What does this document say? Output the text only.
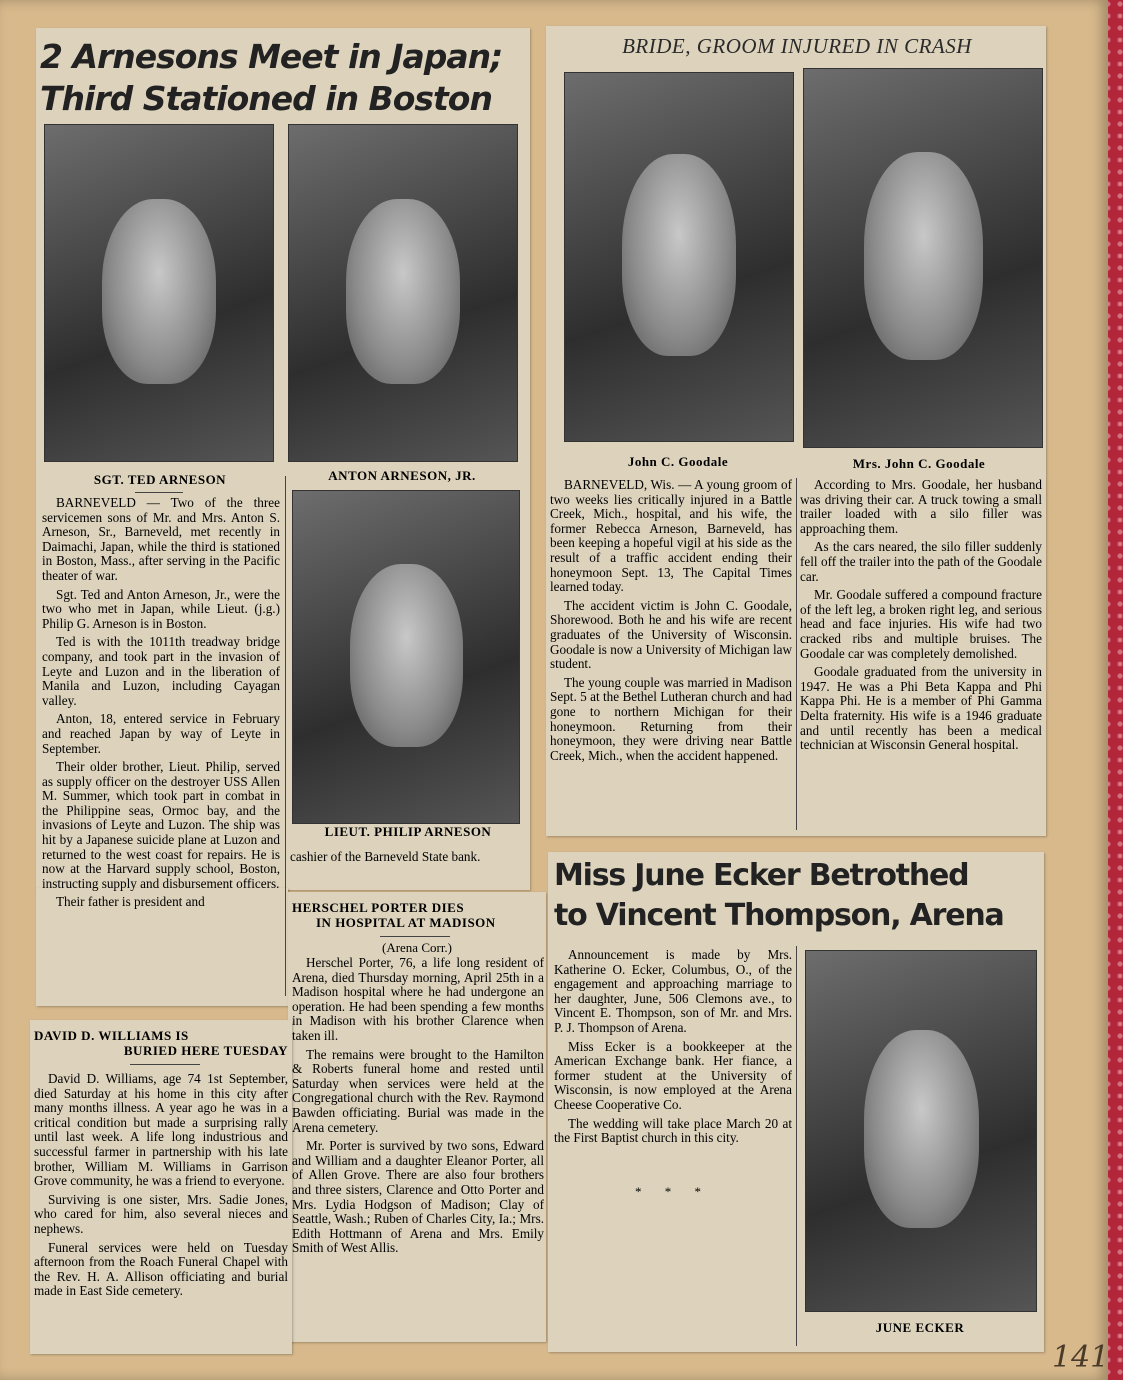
2 Arnesons Meet in Japan;
Third Stationed in Boston
SGT. TED ARNESON	ANTON ARNESON, JR.
LIEUT. PHILIP ARNESON

BARNEVELD — Two of the three servicemen sons of Mr. and Mrs. Anton S. Arneson, Sr., Barneveld, met recently in Daimachi, Japan, while the third is stationed in Boston, Mass., after serving in the Pacific theater of war.

Sgt. Ted and Anton Arneson, Jr., were the two who met in Japan, while Lieut. (j.g.) Philip G. Arneson is in Boston.

Ted is with the 1011th treadway bridge company, and took part in the invasion of Leyte and Luzon and in the liberation of Manila and Luzon, including Cayagan valley.

Anton, 18, entered service in February and reached Japan by way of Leyte in September.

Their older brother, Lieut. Philip, served as supply officer on the destroyer USS Allen M. Summer, which took part in combat in the Philippine seas, Ormoc bay, and the invasions of Leyte and Luzon. The ship was hit by a Japanese suicide plane at Luzon and returned to the west coast for repairs. He is now at the Harvard supply school, Boston, instructing supply and disbursement officers.

Their father is president and

cashier of the Barneveld State bank.

BRIDE, GROOM INJURED IN CRASH
John C. Goodale	Mrs. John C. Goodale

BARNEVELD, Wis. — A young groom of two weeks lies critically injured in a Battle Creek, Mich., hospital, and his wife, the former Rebecca Arneson, Barneveld, has been keeping a hopeful vigil at his side as the result of a traffic accident ending their honeymoon Sept. 13, The Capital Times learned today.

The accident victim is John C. Goodale, Shorewood. Both he and his wife are recent graduates of the University of Wisconsin. Goodale is now a University of Michigan law student.

The young couple was married in Madison Sept. 5 at the Bethel Lutheran church and had gone to northern Michigan for their honeymoon. Returning from their honeymoon, they were driving near Battle Creek, Mich., when the accident happened.

According to Mrs. Goodale, her husband was driving their car. A truck towing a small trailer loaded with a silo filler was approaching them.

As the cars neared, the silo filler suddenly fell off the trailer into the path of the Goodale car.

Mr. Goodale suffered a compound fracture of the left leg, a broken right leg, and serious head and face injuries. His wife had two cracked ribs and multiple bruises. The Goodale car was completely demolished.

Goodale graduated from the university in 1947. He was a Phi Beta Kappa and Phi Kappa Phi. He is a member of Phi Gamma Delta fraternity. His wife is a 1946 graduate and until recently has been a medical technician at Wisconsin General hospital.

HERSCHEL PORTER DIES
IN HOSPITAL AT MADISON
(Arena Corr.)

Herschel Porter, 76, a life long resident of Arena, died Thursday morning, April 25th in a Madison hospital where he had undergone an operation. He had been spending a few months in Madison with his brother Clarence when taken ill.

The remains were brought to the Hamilton & Roberts funeral home and rested until Saturday when services were held at the Congregational church with the Rev. Raymond Bawden officiating. Burial was made in the Arena cemetery.

Mr. Porter is survived by two sons, Edward and William and a daughter Eleanor Porter, all of Allen Grove. There are also four brothers and three sisters, Clarence and Otto Porter and Mrs. Lydia Hodgson of Madison; Clay of Seattle, Wash.; Ruben of Charles City, Ia.; Mrs. Edith Hottmann of Arena and Mrs. Emily Smith of West Allis.

DAVID D. WILLIAMS IS
BURIED HERE TUESDAY

David D. Williams, age 74 1st September, died Saturday at his home in this city after many months illness. A year ago he was in a critical condition but made a surprising rally until last week. A life long industrious and successful farmer in partnership with his late brother, William M. Williams in Garrison Grove community, he was a friend to everyone.

Surviving is one sister, Mrs. Sadie Jones, who cared for him, also several nieces and nephews.

Funeral services were held on Tuesday afternoon from the Roach Funeral Chapel with the Rev. H. A. Allison officiating and burial made in East Side cemetery.

Miss June Ecker Betrothed
to Vincent Thompson, Arena

Announcement is made by Mrs. Katherine O. Ecker, Columbus, O., of the engagement and approaching marriage to her daughter, June, 506 Clemons ave., to Vincent E. Thompson, son of Mr. and Mrs. P. J. Thompson of Arena.

Miss Ecker is a bookkeeper at the American Exchange bank. Her fiance, a former student at the University of Wisconsin, is now employed at the Arena Cheese Cooperative Co.

The wedding will take place March 20 at the First Baptist church in this city.

* * *
JUNE ECKER
141
